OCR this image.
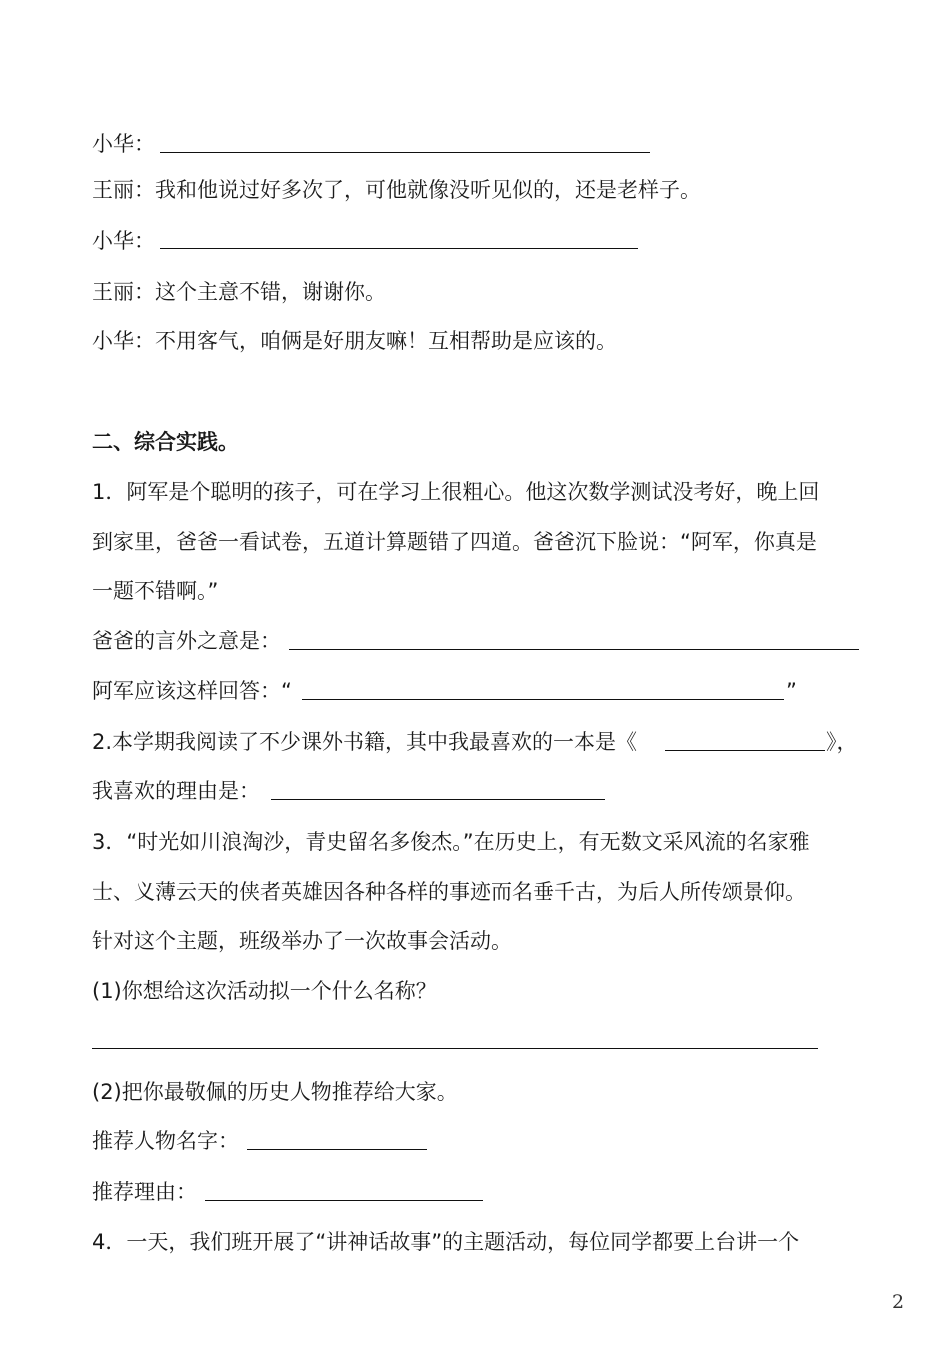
小华：
王丽：我和他说过好多次了，可他就像没听见似的，还是老样子。
小华：
王丽：这个主意不错，谢谢你。
小华：不用客气，咱俩是好朋友嘛！互相帮助是应该的。
二、综合实践。
1．阿军是个聪明的孩子，可在学习上很粗心。他这次数学测试没考好，晚上回
到家里，爸爸一看试卷，五道计算题错了四道。爸爸沉下脸说：“阿军，你真是
一题不错啊。”
爸爸的言外之意是：
阿军应该这样回答：“	”
2.本学期我阅读了不少课外书籍，其中我最喜欢的一本是《	》，
我喜欢的理由是：
3．“时光如川浪淘沙，青史留名多俊杰。”在历史上，有无数文采风流的名家雅
士、义薄云天的侠者英雄因各种各样的事迹而名垂千古，为后人所传颂景仰。
针对这个主题，班级举办了一次故事会活动。
(1)你想给这次活动拟一个什么名称？
(2)把你最敬佩的历史人物推荐给大家。
推荐人物名字：
推荐理由：
4．一天，我们班开展了“讲神话故事”的主题活动，每位同学都要上台讲一个
2
